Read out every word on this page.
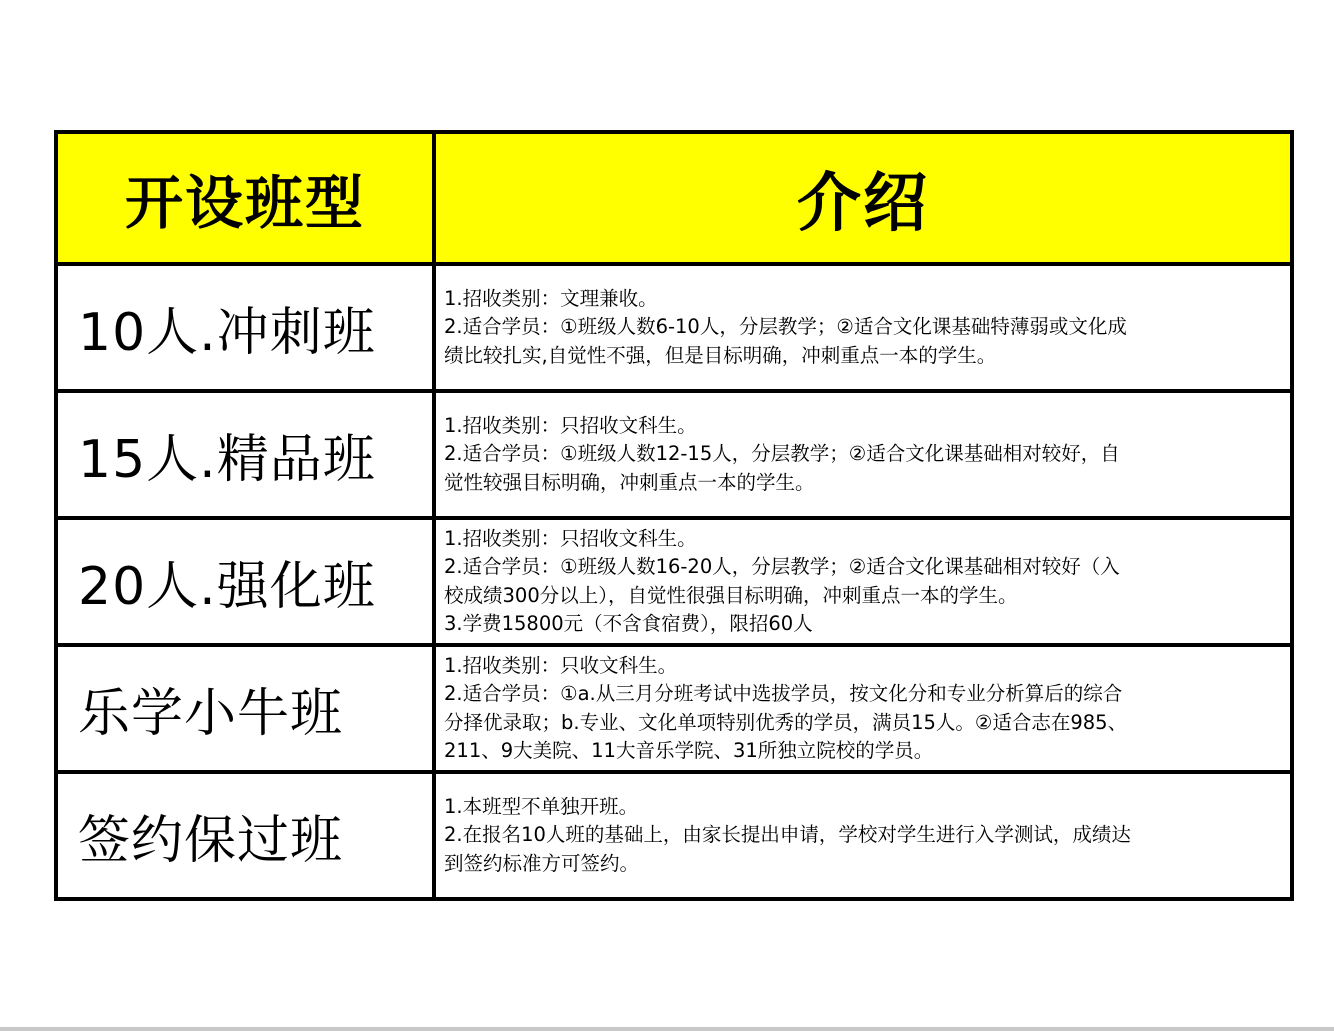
开设班型	介绍
10人.冲刺班	1.招收类别：文理兼收。
2.适合学员：①班级人数6-10人，分层教学；②适合文化课基础特薄弱或文化成
绩比较扎实,自觉性不强，但是目标明确，冲刺重点一本的学生。

15人.精品班	1.招收类别：只招收文科生。
2.适合学员：①班级人数12-15人，分层教学；②适合文化课基础相对较好，自
觉性较强目标明确，冲刺重点一本的学生。

20人.强化班	1.招收类别：只招收文科生。
2.适合学员：①班级人数16-20人，分层教学；②适合文化课基础相对较好（入
校成绩300分以上），自觉性很强目标明确，冲刺重点一本的学生。
3.学费15800元（不含食宿费），限招60人

乐学小牛班	1.招收类别：只收文科生。
2.适合学员：①a.从三月分班考试中选拔学员，按文化分和专业分析算后的综合
分择优录取；b.专业、文化单项特别优秀的学员，满员15人。②适合志在985、
211、9大美院、11大音乐学院、31所独立院校的学员。

签约保过班	1.本班型不单独开班。
2.在报名10人班的基础上，由家长提出申请，学校对学生进行入学测试，成绩达
到签约标准方可签约。
